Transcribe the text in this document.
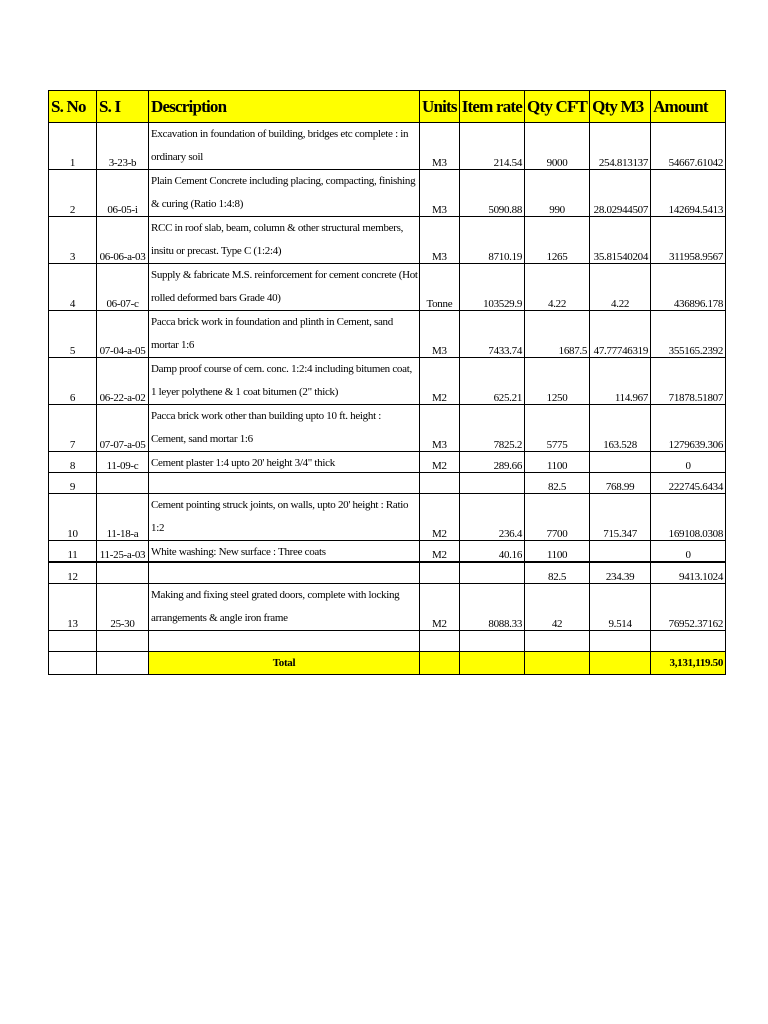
S. No	S. I	Description	Units	Item rate	Qty CFT	Qty M3	Amount
1	3-23-b	Excavation in foundation of building, bridges etc complete : in ordinary soil	M3	214.54	9000	254.813137	54667.61042
2	06-05-i	Plain Cement Concrete including placing, compacting, finishing & curing (Ratio 1:4:8)	M3	5090.88	990	28.02944507	142694.5413
3	06-06-a-03	RCC in roof slab, beam, column & other structural members, insitu or precast. Type C (1:2:4)	M3	8710.19	1265	35.81540204	311958.9567
4	06-07-c	Supply & fabricate M.S. reinforcement for cement concrete (Hot rolled deformed bars Grade 40)	Tonne	103529.9	4.22	4.22	436896.178
5	07-04-a-05	Pacca brick work in foundation and plinth in Cement, sand mortar 1:6	M3	7433.74	1687.5	47.77746319	355165.2392
6	06-22-a-02	Damp proof course of cem. conc. 1:2:4 including bitumen coat, 1 leyer polythene & 1 coat bitumen (2" thick)	M2	625.21	1250	114.967	71878.51807
7	07-07-a-05	Pacca brick work other than building upto 10 ft. height : Cement, sand mortar 1:6	M3	7825.2	5775	163.528	1279639.306
8	11-09-c	Cement plaster 1:4 upto 20' height 3/4" thick	M2	289.66	1100		0
9					82.5	768.99	222745.6434
10	11-18-a	Cement pointing struck joints, on walls, upto 20' height : Ratio 1:2	M2	236.4	7700	715.347	169108.0308
11	11-25-a-03	White washing: New surface : Three coats	M2	40.16	1100		0
12					82.5	234.39	9413.1024
13	25-30	Making and fixing steel grated doors, complete with locking arrangements & angle iron frame	M2	8088.33	42	9.514	76952.37162

		Total					3,131,119.50
